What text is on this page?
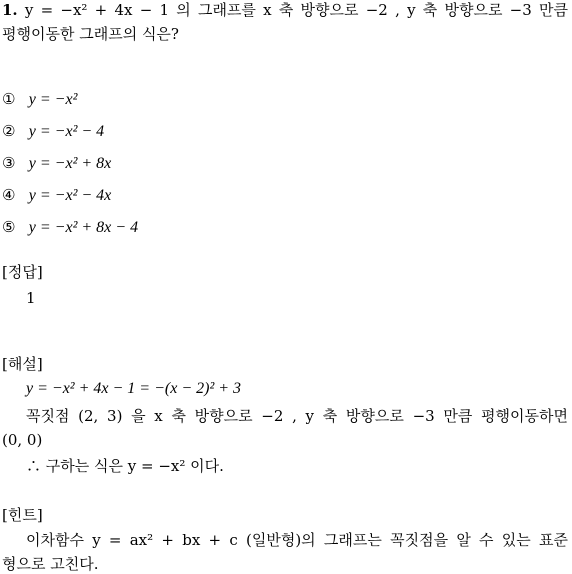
1. y = −x² + 4x − 1 의 그래프를 x 축 방향으로 −2 , y 축 방향으로 −3 만큼
평행이동한 그래프의 식은?
① y = −x²
② y = −x² − 4
③ y = −x² + 8x
④ y = −x² − 4x
⑤ y = −x² + 8x − 4
[정답]
1
[해설]
y = −x² + 4x − 1 = −(x − 2)² + 3
꼭짓점 (2, 3) 을 x 축 방향으로 −2 , y 축 방향으로 −3 만큼 평행이동하면
(0, 0)
∴ 구하는 식은 y = −x² 이다.
[힌트]
이차함수 y = ax² + bx + c (일반형)의 그래프는 꼭짓점을 알 수 있는 표준
형으로 고친다.
